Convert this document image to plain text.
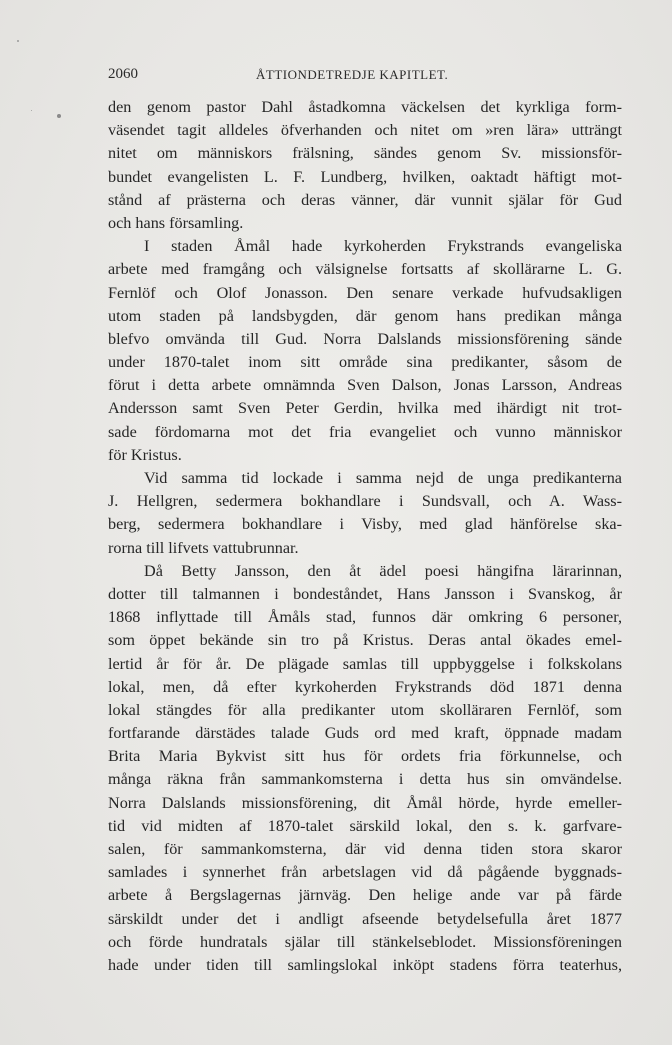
2060	ÅTTIONDETREDJE KAPITLET.
den genom pastor Dahl åstadkomna väckelsen det kyrkliga form-
väsendet tagit alldeles öfverhanden och nitet om »ren lära» utträngt
nitet om människors frälsning, sändes genom Sv. missionsför-
bundet evangelisten L. F. Lundberg, hvilken, oaktadt häftigt mot-
stånd af prästerna och deras vänner, där vunnit själar för Gud
och hans församling.
I staden Åmål hade kyrkoherden Frykstrands evangeliska
arbete med framgång och välsignelse fortsatts af skollärarne L. G.
Fernlöf och Olof Jonasson. Den senare verkade hufvudsakligen
utom staden på landsbygden, där genom hans predikan många
blefvo omvända till Gud. Norra Dalslands missionsförening sände
under 1870-talet inom sitt område sina predikanter, såsom de
förut i detta arbete omnämnda Sven Dalson, Jonas Larsson, Andreas
Andersson samt Sven Peter Gerdin, hvilka med ihärdigt nit trot-
sade fördomarna mot det fria evangeliet och vunno människor
för Kristus.
Vid samma tid lockade i samma nejd de unga predikanterna
J. Hellgren, sedermera bokhandlare i Sundsvall, och A. Wass-
berg, sedermera bokhandlare i Visby, med glad hänförelse ska-
rorna till lifvets vattubrunnar.
Då Betty Jansson, den åt ädel poesi hängifna lärarinnan,
dotter till talmannen i bondeståndet, Hans Jansson i Svanskog, år
1868 inflyttade till Åmåls stad, funnos där omkring 6 personer,
som öppet bekände sin tro på Kristus. Deras antal ökades emel-
lertid år för år. De plägade samlas till uppbyggelse i folkskolans
lokal, men, då efter kyrkoherden Frykstrands död 1871 denna
lokal stängdes för alla predikanter utom skolläraren Fernlöf, som
fortfarande därstädes talade Guds ord med kraft, öppnade madam
Brita Maria Bykvist sitt hus för ordets fria förkunnelse, och
många räkna från sammankomsterna i detta hus sin omvändelse.
Norra Dalslands missionsförening, dit Åmål hörde, hyrde emeller-
tid vid midten af 1870-talet särskild lokal, den s. k. garfvare-
salen, för sammankomsterna, där vid denna tiden stora skaror
samlades i synnerhet från arbetslagen vid då pågående byggnads-
arbete å Bergslagernas järnväg. Den helige ande var på färde
särskildt under det i andligt afseende betydelsefulla året 1877
och förde hundratals själar till stänkelseblodet. Missionsföreningen
hade under tiden till samlingslokal inköpt stadens förra teaterhus,
